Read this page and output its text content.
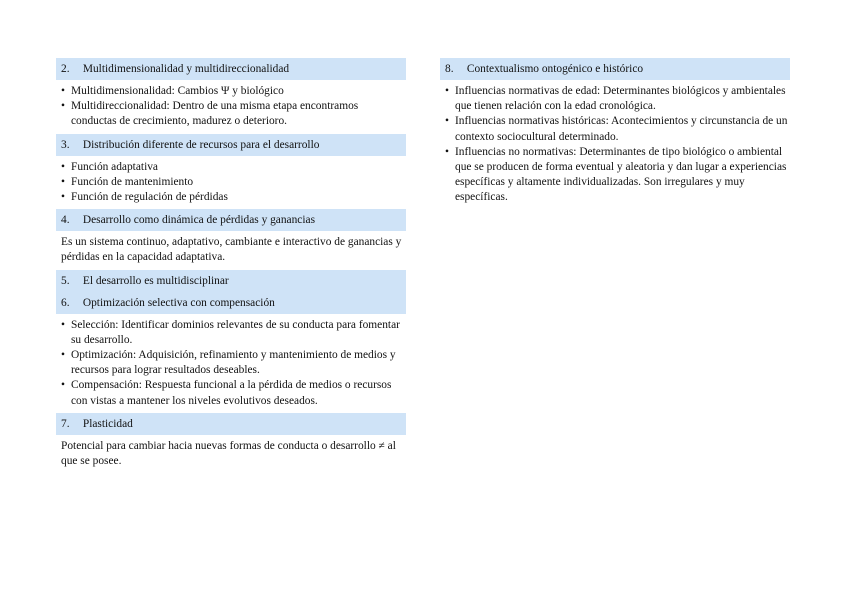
2. Multidimensionalidad y multidireccionalidad
• Multidimensionalidad: Cambios Ψ y biológico
• Multidireccionalidad: Dentro de una misma etapa encontramos conductas de crecimiento, madurez o deterioro.
3. Distribución diferente de recursos para el desarrollo
• Función adaptativa
• Función de mantenimiento
• Función de regulación de pérdidas
4. Desarrollo como dinámica de pérdidas y ganancias

Es un sistema continuo, adaptativo, cambiante e interactivo de ganancias y pérdidas en la capacidad adaptativa.

5. El desarrollo es multidisciplinar
6. Optimización selectiva con compensación
• Selección: Identificar dominios relevantes de su conducta para fomentar su desarrollo.
• Optimización: Adquisición, refinamiento y mantenimiento de medios y recursos para lograr resultados deseables.
• Compensación: Respuesta funcional a la pérdida de medios o recursos con vistas a mantener los niveles evolutivos deseados.
7. Plasticidad

Potencial para cambiar hacia nuevas formas de conducta o desarrollo ≠ al que se posee.

8. Contextualismo ontogénico e histórico
• Influencias normativas de edad: Determinantes biológicos y ambientales que tienen relación con la edad cronológica.
• Influencias normativas históricas: Acontecimientos y circunstancia de un contexto sociocultural determinado.
• Influencias no normativas: Determinantes de tipo biológico o ambiental que se producen de forma eventual y aleatoria y dan lugar a experiencias específicas y altamente individualizadas. Son irregulares y muy específicas.
